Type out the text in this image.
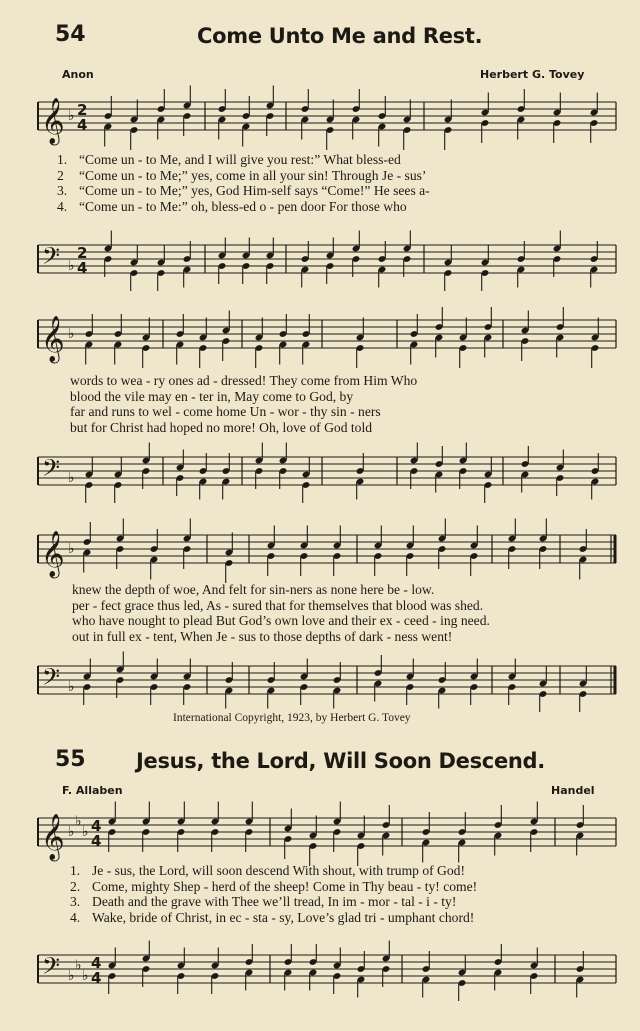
54	Come Unto Me and Rest.
Anon	Herbert G. Tovey
𝄞 ♭ 2
4
𝄢 ♭
2
4
𝄞 ♭
𝄢 ♭
𝄞 ♭
𝄢 ♭
𝄞 ♭
♭
♭ 4
4
𝄢 ♭
♭
♭
4
4
1. “Come un - to Me, and I will give you rest:” What bless-ed
2 “Come un - to Me;” yes, come in all your sin! Through Je - sus’
3. “Come un - to Me;” yes, God Him-self says “Come!” He sees a-
4. “Come un - to Me:” oh, bless-ed o - pen door For those who
words to wea - ry ones ad - dressed! They come from Him Who
blood the vile may en - ter in, May come to God, by
far and runs to wel - come home Un - wor - thy sin - ners
but for Christ had hoped no more! Oh, love of God told
knew the depth of woe, And felt for sin-ners as none here be - low.
per - fect grace thus led, As - sured that for themselves that blood was shed.
who have nought to plead But God’s own love and their ex - ceed - ing need.
out in full ex - tent, When Je - sus to those depths of dark - ness went!
International Copyright, 1923, by Herbert G. Tovey
55 Jesus, the Lord, Will Soon Descend.
F. Allaben	Handel
1. Je - sus, the Lord, will soon descend With shout, with trump of God!
2. Come, mighty Shep - herd of the sheep! Come in Thy beau - ty! come!
3. Death and the grave with Thee we’ll tread, In im - mor - tal - i - ty!
4. Wake, bride of Christ, in ec - sta - sy, Love’s glad tri - umphant chord!
